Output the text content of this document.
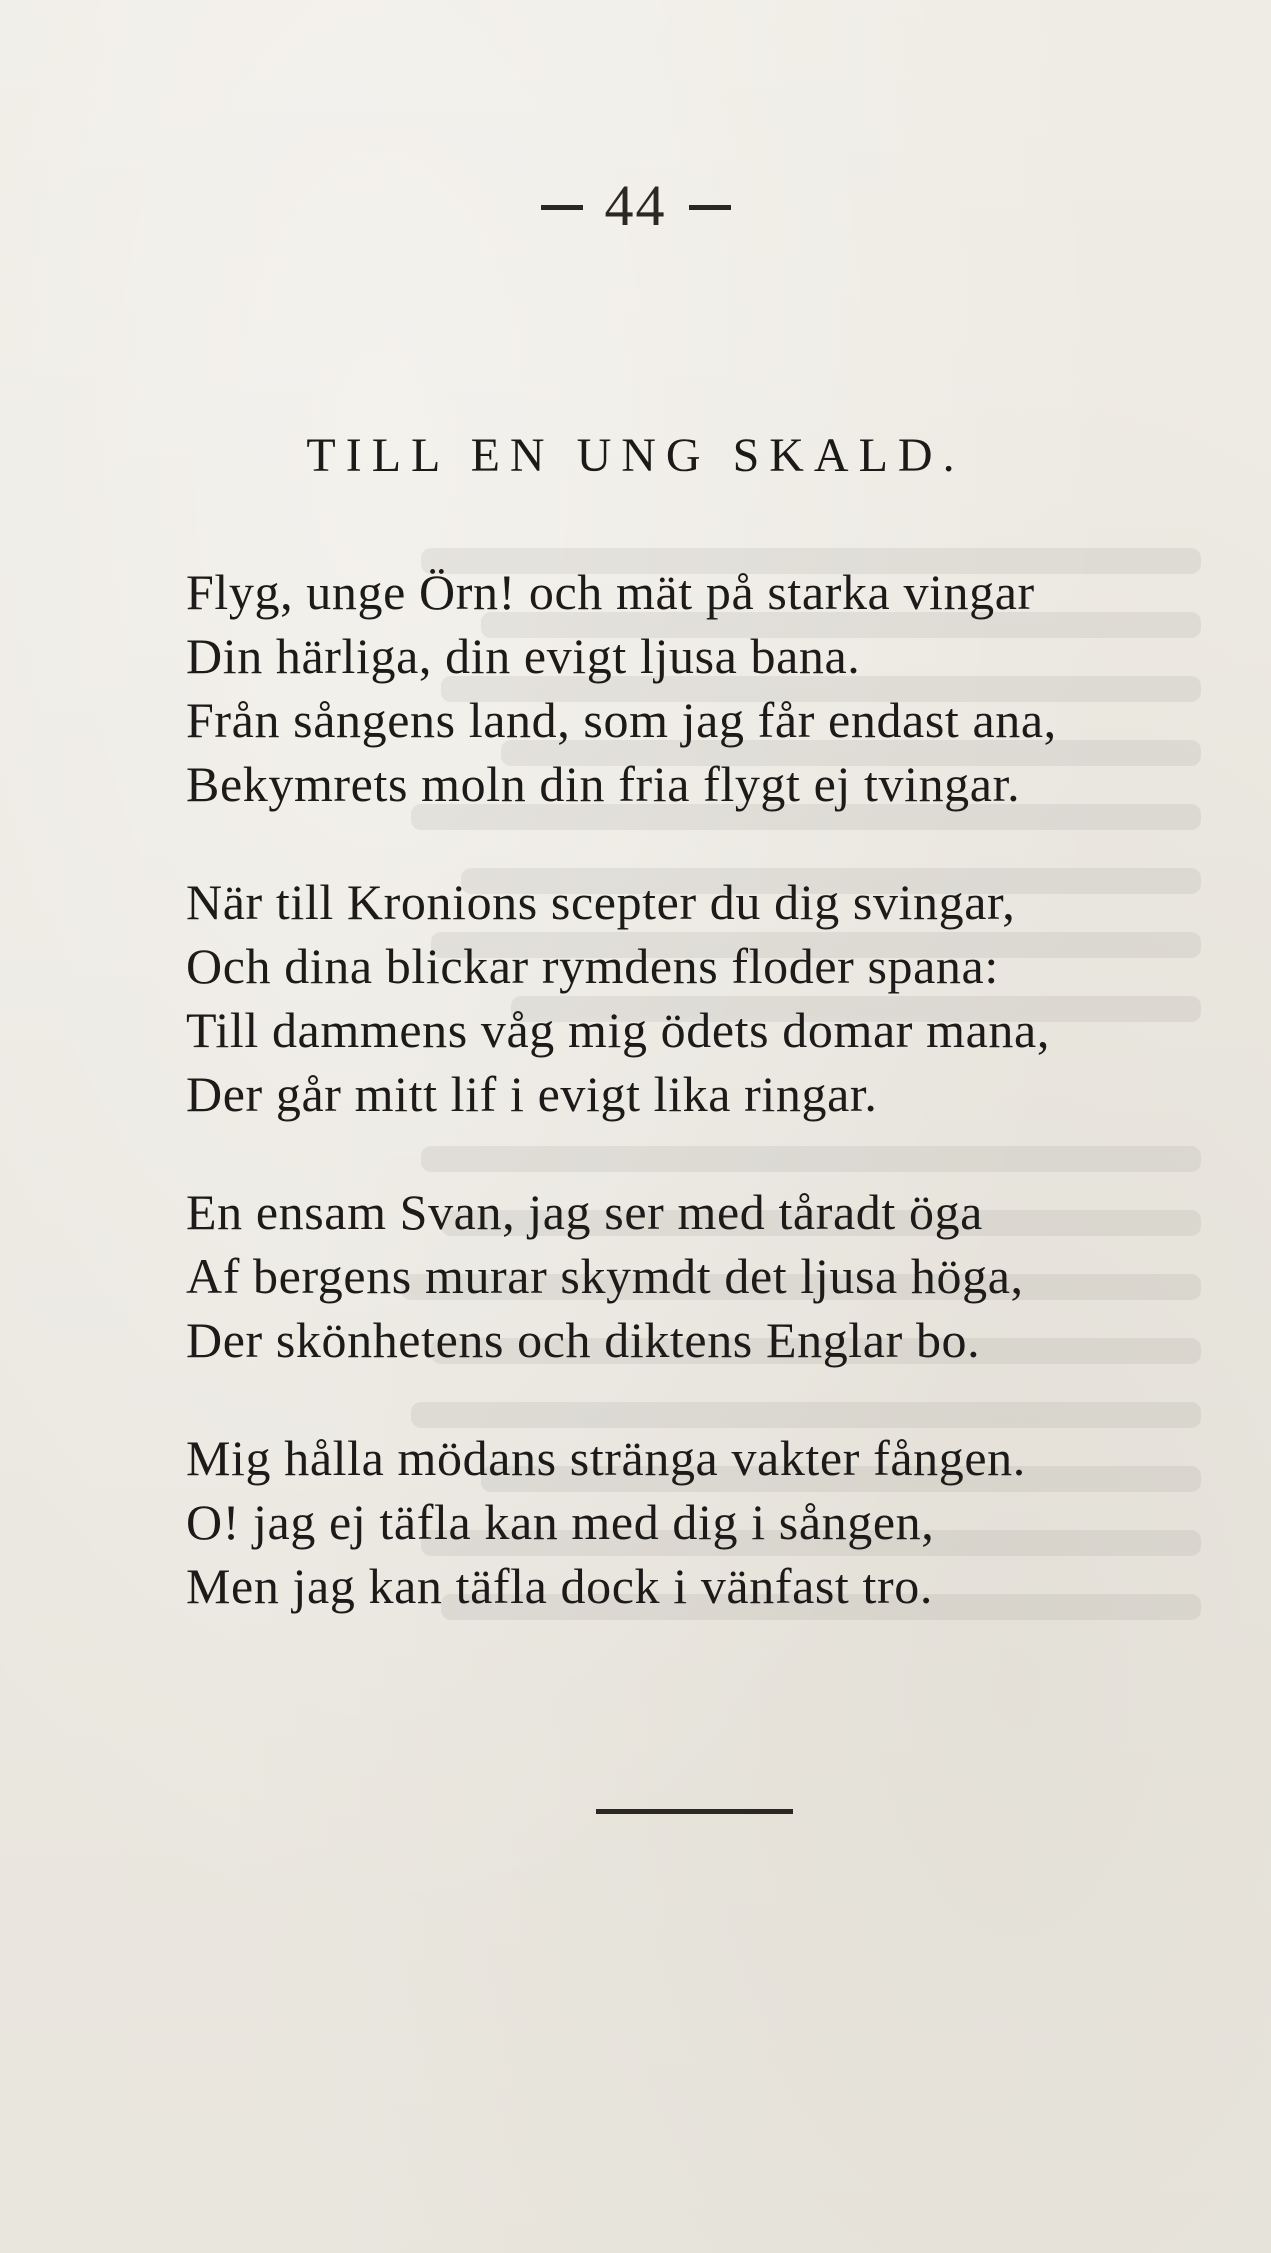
44
TILL EN UNG SKALD.
Flyg, unge Örn! och mät på starka vingar
Din härliga, din evigt ljusa bana.
Från sångens land, som jag får endast ana,
Bekymrets moln din fria flygt ej tvingar.
När till Kronions scepter du dig svingar,
Och dina blickar rymdens floder spana:
Till dammens våg mig ödets domar mana,
Der går mitt lif i evigt lika ringar.
En ensam Svan, jag ser med tåradt öga
Af bergens murar skymdt det ljusa höga,
Der skönhetens och diktens Englar bo.
Mig hålla mödans stränga vakter fången.
O! jag ej täfla kan med dig i sången,
Men jag kan täfla dock i vänfast tro.
